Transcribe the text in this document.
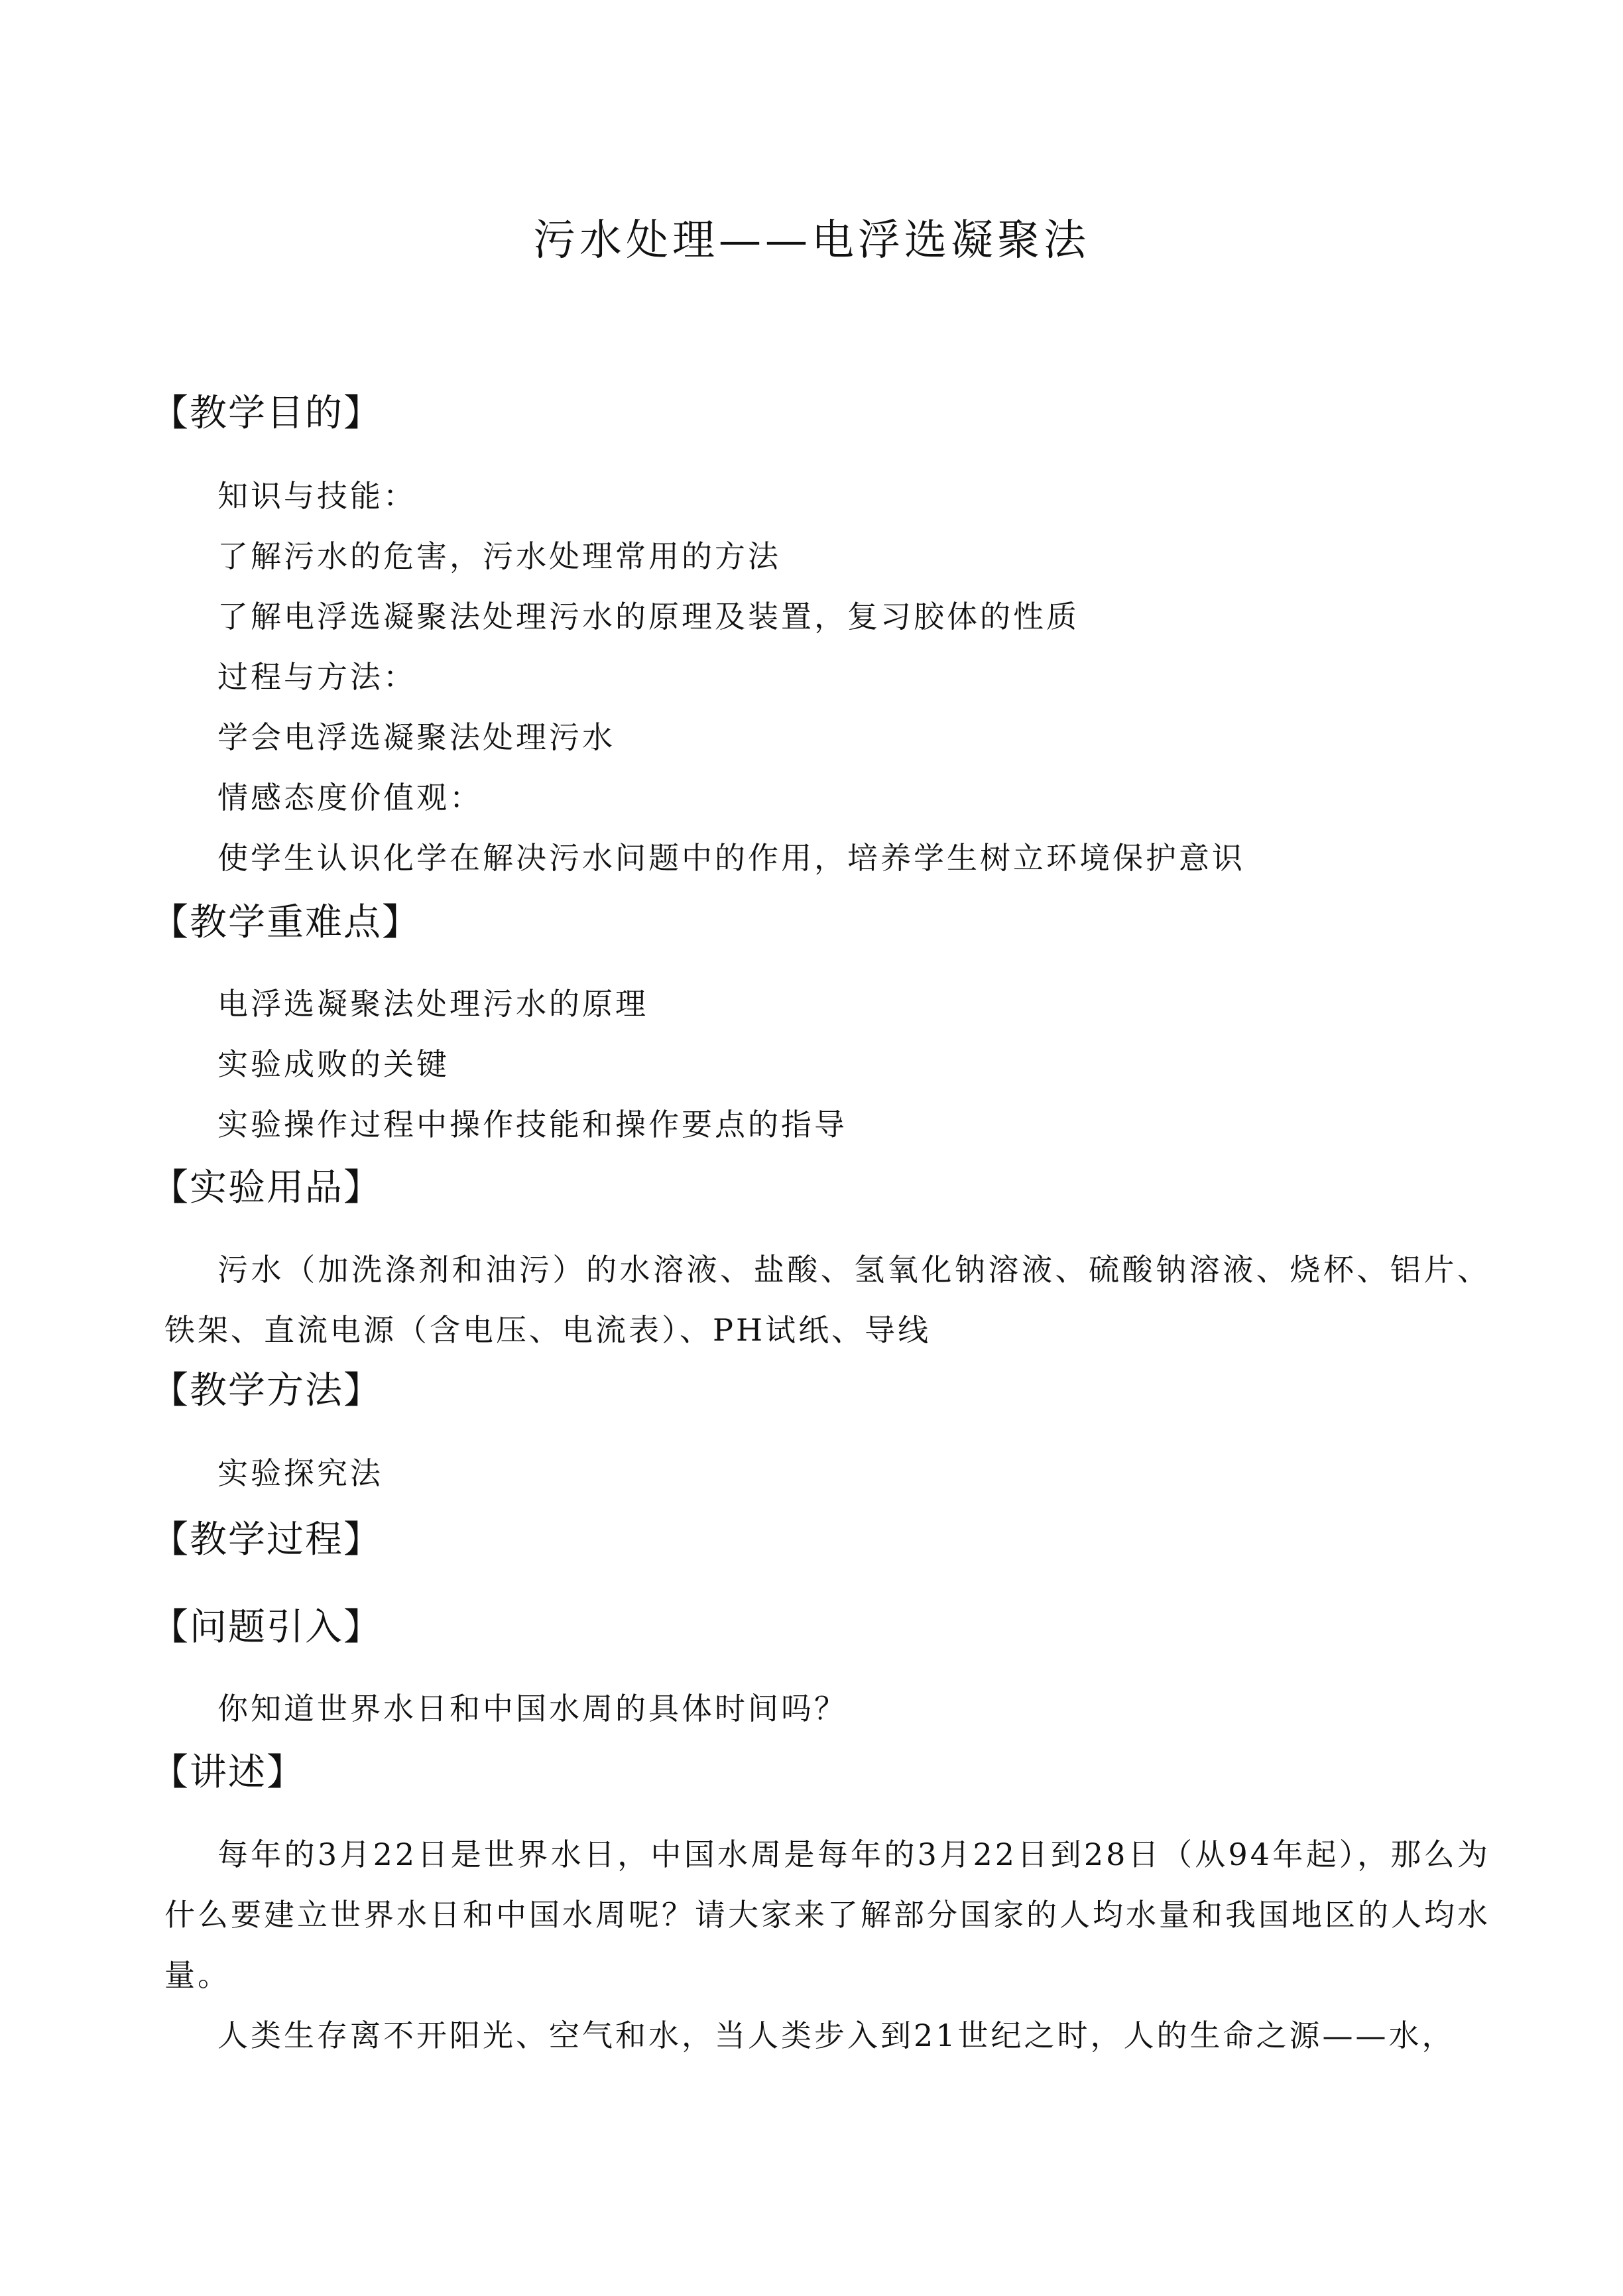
污水处理——电浮选凝聚法
【教学目的】
知识与技能：
了解污水的危害，污水处理常用的方法
了解电浮选凝聚法处理污水的原理及装置，复习胶体的性质
过程与方法：
学会电浮选凝聚法处理污水
情感态度价值观：
使学生认识化学在解决污水问题中的作用，培养学生树立环境保护意识
【教学重难点】
电浮选凝聚法处理污水的原理
实验成败的关键
实验操作过程中操作技能和操作要点的指导
【实验用品】
污水（加洗涤剂和油污）的水溶液、盐酸、氢氧化钠溶液、硫酸钠溶液、烧杯、铝片、铁架、直流电源（含电压、电流表）、PH试纸、导线
【教学方法】
实验探究法
【教学过程】
【问题引入】
你知道世界水日和中国水周的具体时间吗？
【讲述】
每年的3月22日是世界水日，中国水周是每年的3月22日到28日（从94年起），那么为什么要建立世界水日和中国水周呢？请大家来了解部分国家的人均水量和我国地区的人均水量。
人类生存离不开阳光、空气和水，当人类步入到21世纪之时，人的生命之源——水，
